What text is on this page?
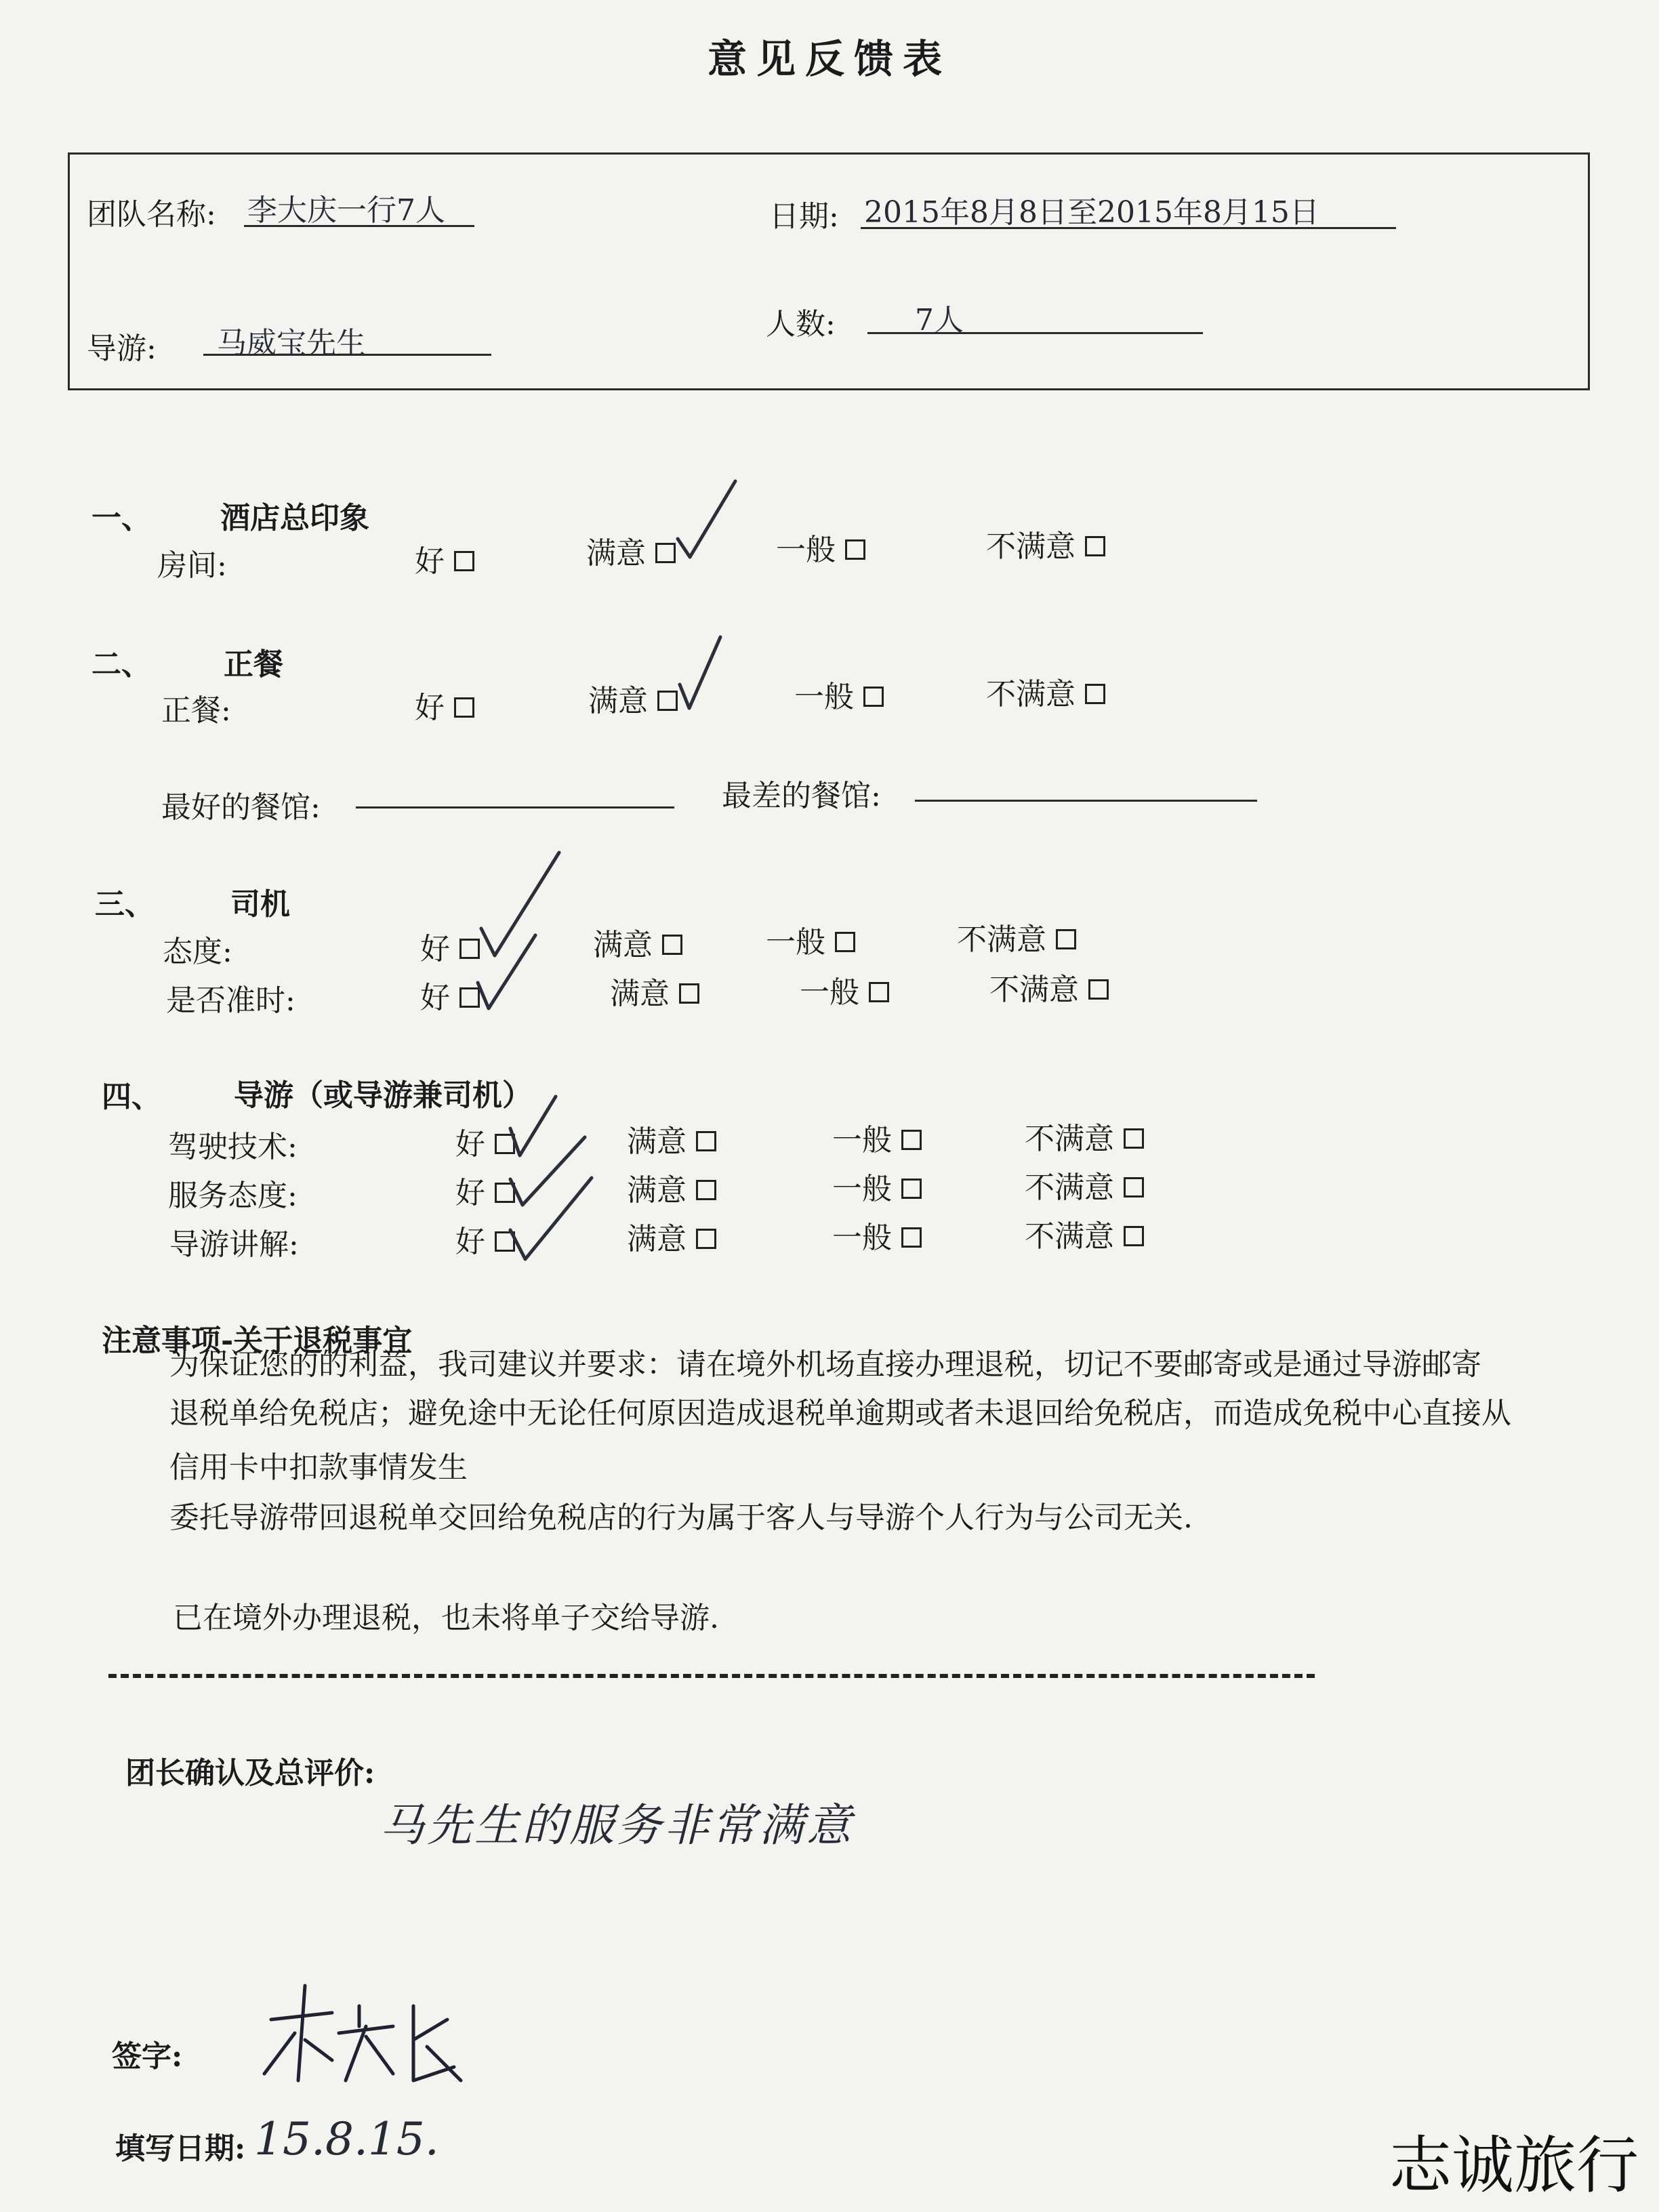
意见反馈表
团队名称: 李大庆一行7人	日期: 2015年8月8日至2015年8月15日
导游: 马威宝先生
人数:	7人
一、 酒店总印象
房间:	好	满意	一般	不满意
二、 正餐
正餐:	好	满意	一般	不满意
最好的餐馆:	最差的餐馆:
三、	司机
态度:	好	满意	一般	不满意
是否准时:	好	满意	一般	不满意
四、 导游（或导游兼司机）
驾驶技术:	好	满意	一般	不满意
服务态度:	好	满意	一般	不满意
导游讲解:	好	满意	一般	不满意
注意事项-关于退税事宜
为保证您的的利益，我司建议并要求：请在境外机场直接办理退税，切记不要邮寄或是通过导游邮寄
退税单给免税店；避免途中无论任何原因造成退税单逾期或者未退回给免税店，而造成免税中心直接从
信用卡中扣款事情发生
委托导游带回退税单交回给免税店的行为属于客人与导游个人行为与公司无关.
已在境外办理退税，也未将单子交给导游.
团长确认及总评价:
马先生的服务非常满意
签字:
填写日期: 15.8.15.	志诚旅行
